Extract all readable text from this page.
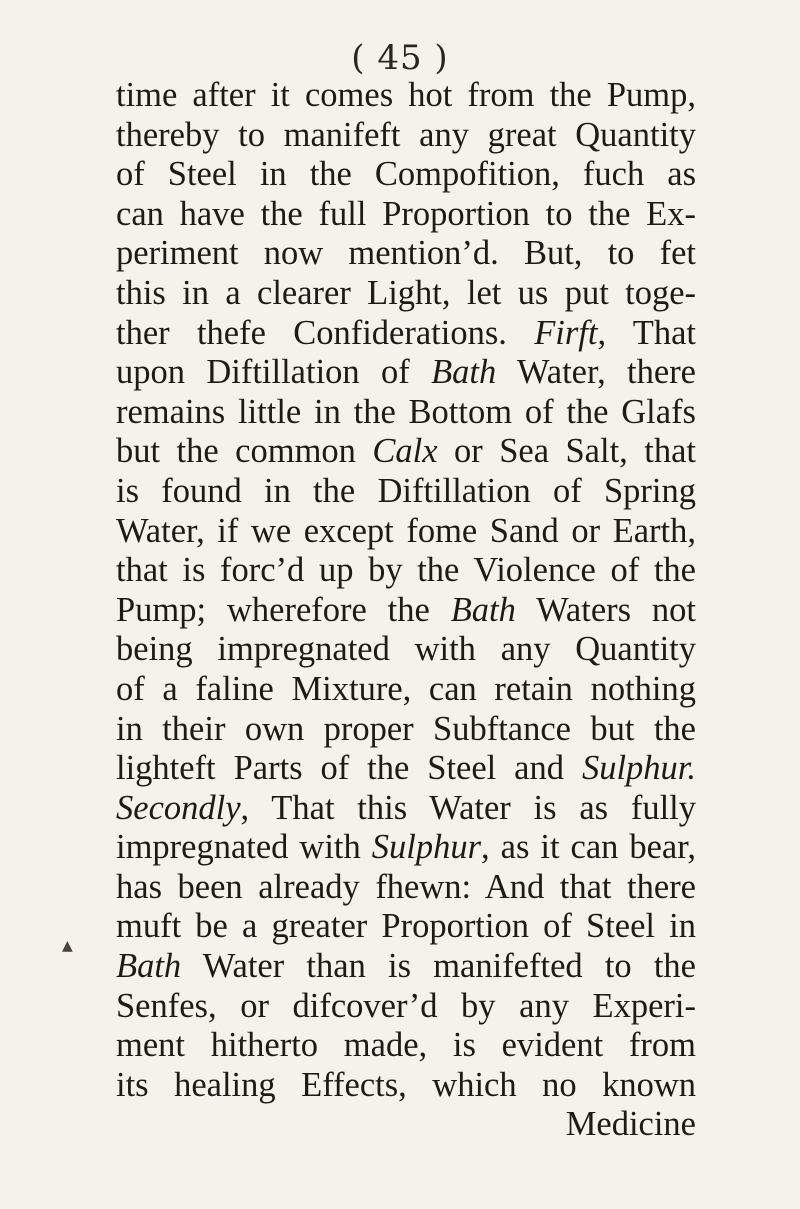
( 45 )
time after it comes hot from the Pump,
thereby to manifeft any great Quantity
of Steel in the Compofition, fuch as
can have the full Proportion to the Ex-
periment now mention’d. But, to fet
this in a clearer Light, let us put toge-
ther thefe Confiderations. Firft, That
upon Diftillation of Bath Water, there
remains little in the Bottom of the Glafs
but the common Calx or Sea Salt, that
is found in the Diftillation of Spring
Water, if we except fome Sand or Earth,
that is forc’d up by the Violence of the
Pump; wherefore the Bath Waters not
being impregnated with any Quantity
of a faline Mixture, can retain nothing
in their own proper Subftance but the
lighteft Parts of the Steel and Sulphur.
Secondly, That this Water is as fully
impregnated with Sulphur, as it can bear,
has been already fhewn: And that there
muft be a greater Proportion of Steel in
Bath Water than is manifefted to the
Senfes, or difcover’d by any Experi-
ment hitherto made, is evident from
its healing Effects, which no known
Medicine
▲
